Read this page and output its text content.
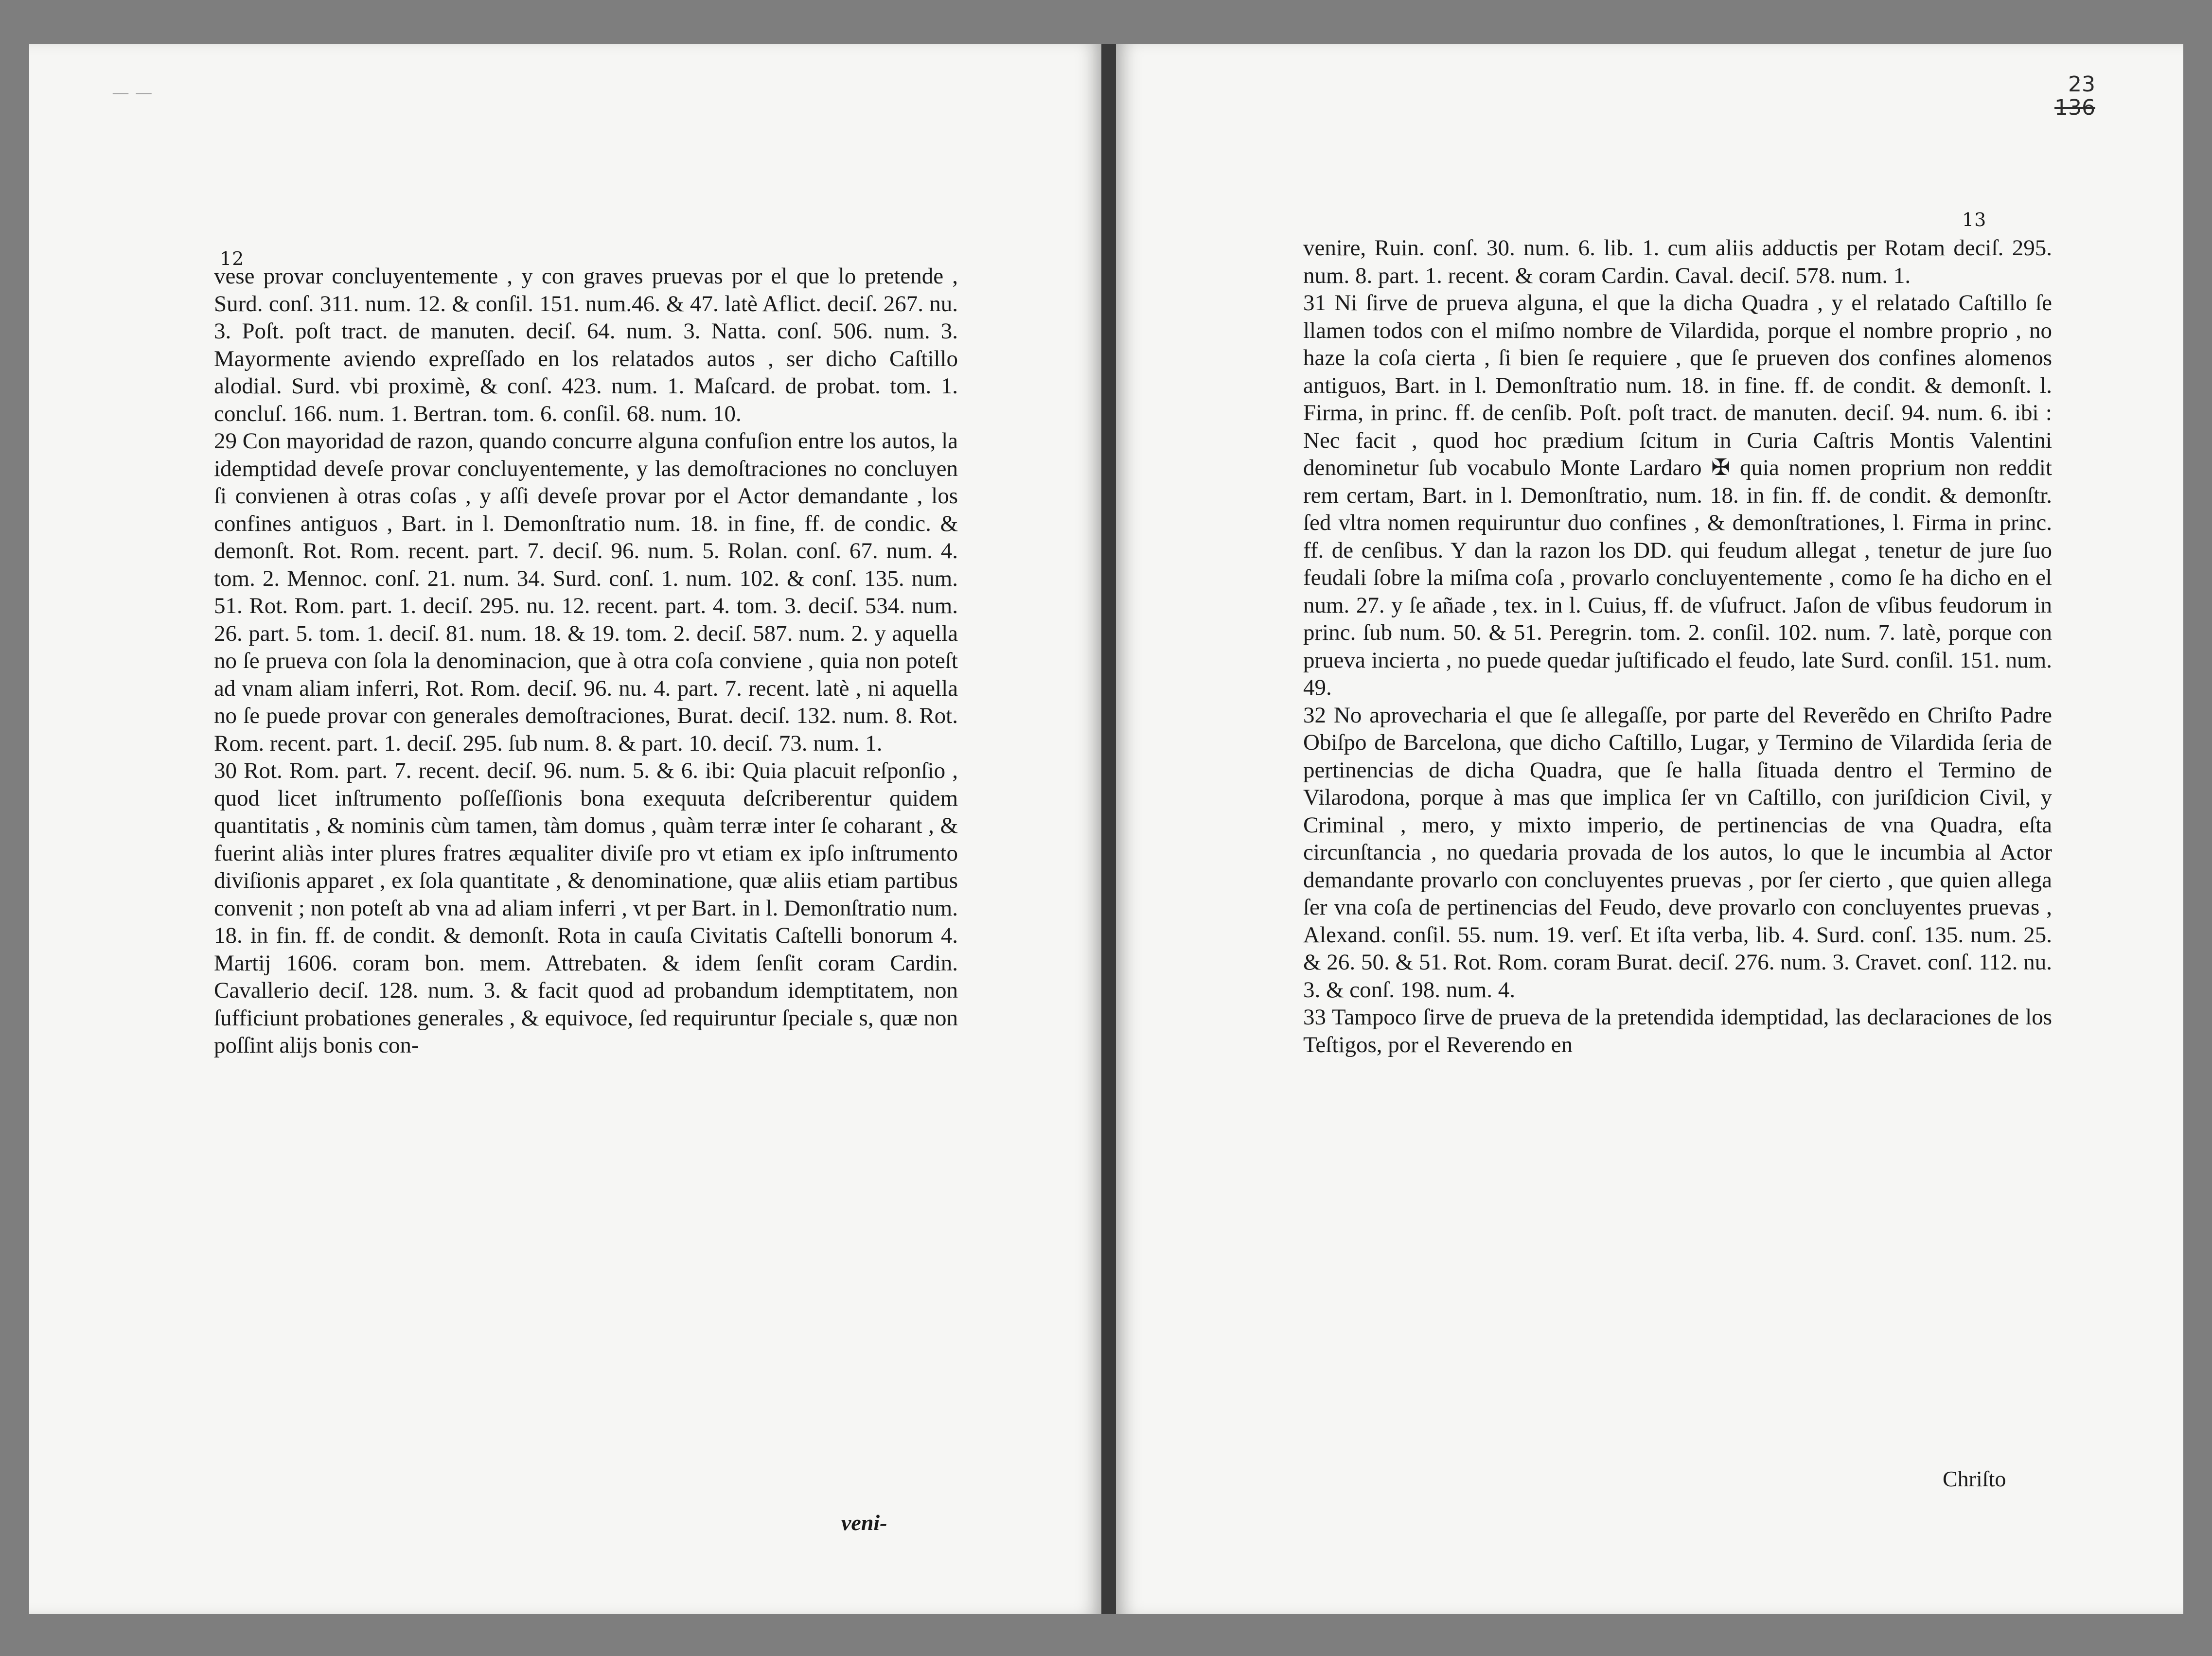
— —
12

vese provar concluyentemente , y con graves pruevas por el que lo pretende , Surd. conſ. 311. num. 12. & conſil. 151. num.46. & 47. latè Aflict. deciſ. 267. nu. 3. Poſt. poſt tract. de manuten. deciſ. 64. num. 3. Natta. conſ. 506. num. 3. Mayormente aviendo expreſſado en los relatados autos , ser dicho Caſtillo alodial. Surd. vbi proximè, & conſ. 423. num. 1. Maſcard. de probat. tom. 1. concluſ. 166. num. 1. Bertran. tom. 6. conſil. 68. num. 10.

29 Con mayoridad de razon, quando concurre alguna confuſion entre los autos, la idemptidad deveſe provar concluyentemente, y las demoſtraciones no concluyen ſi convienen à otras coſas , y aſſi deveſe provar por el Actor demandante , los confines antiguos , Bart. in l. Demonſtratio num. 18. in fine, ff. de condic. & demonſt. Rot. Rom. recent. part. 7. deciſ. 96. num. 5. Rolan. conſ. 67. num. 4. tom. 2. Mennoc. conſ. 21. num. 34. Surd. conſ. 1. num. 102. & conſ. 135. num. 51. Rot. Rom. part. 1. deciſ. 295. nu. 12. recent. part. 4. tom. 3. deciſ. 534. num. 26. part. 5. tom. 1. deciſ. 81. num. 18. & 19. tom. 2. deciſ. 587. num. 2. y aquella no ſe prueva con ſola la denominacion, que à otra coſa conviene , quia non poteſt ad vnam aliam inferri, Rot. Rom. deciſ. 96. nu. 4. part. 7. recent. latè , ni aquella no ſe puede provar con generales demoſtraciones, Burat. deciſ. 132. num. 8. Rot. Rom. recent. part. 1. deciſ. 295. ſub num. 8. & part. 10. deciſ. 73. num. 1.

30 Rot. Rom. part. 7. recent. deciſ. 96. num. 5. & 6. ibi: Quia placuit reſponſio , quod licet inſtrumento poſſeſſionis bona exequuta deſcriberentur quidem quantitatis , & nominis cùm tamen, tàm domus , quàm terræ inter ſe coharant , & fuerint aliàs inter plures fratres æqualiter diviſe pro vt etiam ex ipſo inſtrumento diviſionis apparet , ex ſola quantitate , & denominatione, quæ aliis etiam partibus convenit ; non poteſt ab vna ad aliam inferri , vt per Bart. in l. Demonſtratio num. 18. in fin. ff. de condit. & demonſt. Rota in cauſa Civitatis Caſtelli bonorum 4. Martij 1606. coram bon. mem. Attrebaten. & idem ſenſit coram Cardin. Cavallerio deciſ. 128. num. 3. & facit quod ad probandum idemptitatem, non ſufficiunt probationes generales , & equivoce, ſed requiruntur ſpeciale s, quæ non poſſint alijs bonis con-

veni-
23
136
13

venire, Ruin. conſ. 30. num. 6. lib. 1. cum aliis adductis per Rotam deciſ. 295. num. 8. part. 1. recent. & coram Cardin. Caval. deciſ. 578. num. 1.

31 Ni ſirve de prueva alguna, el que la dicha Quadra , y el relatado Caſtillo ſe llamen todos con el miſmo nombre de Vilardida, porque el nombre proprio , no haze la coſa cierta , ſi bien ſe requiere , que ſe prueven dos confines alomenos antiguos, Bart. in l. Demonſtratio num. 18. in fine. ff. de condit. & demonſt. l. Firma, in princ. ff. de cenſib. Poſt. poſt tract. de manuten. deciſ. 94. num. 6. ibi : Nec facit , quod hoc prædium ſcitum in Curia Caſtris Montis Valentini denominetur ſub vocabulo Monte Lardaro ✠ quia nomen proprium non reddit rem certam, Bart. in l. Demonſtratio, num. 18. in fin. ff. de condit. & demonſtr. ſed vltra nomen requiruntur duo confines , & demonſtrationes, l. Firma in princ. ff. de cenſibus. Y dan la razon los DD. qui feudum allegat , tenetur de jure ſuo feudali ſobre la miſma coſa , provarlo concluyentemente , como ſe ha dicho en el num. 27. y ſe añade , tex. in l. Cuius, ff. de vſufruct. Jaſon de vſibus feudorum in princ. ſub num. 50. & 51. Peregrin. tom. 2. conſil. 102. num. 7. latè, porque con prueva incierta , no puede quedar juſtificado el feudo, late Surd. conſil. 151. num. 49.

32 No aprovecharia el que ſe allegaſſe, por parte del Reverẽdo en Chriſto Padre Obiſpo de Barcelona, que dicho Caſtillo, Lugar, y Termino de Vilardida ſeria de pertinencias de dicha Quadra, que ſe halla ſituada dentro el Termino de Vilarodona, porque à mas que implica ſer vn Caſtillo, con juriſdicion Civil, y Criminal , mero, y mixto imperio, de pertinencias de vna Quadra, eſta circunſtancia , no quedaria provada de los autos, lo que le incumbia al Actor demandante provarlo con concluyentes pruevas , por ſer cierto , que quien allega ſer vna coſa de pertinencias del Feudo, deve provarlo con concluyentes pruevas , Alexand. conſil. 55. num. 19. verſ. Et iſta verba, lib. 4. Surd. conſ. 135. num. 25. & 26. 50. & 51. Rot. Rom. coram Burat. deciſ. 276. num. 3. Cravet. conſ. 112. nu. 3. & conſ. 198. num. 4.

33 Tampoco ſirve de prueva de la pretendida idemptidad, las declaraciones de los Teſtigos, por el Reverendo en

Chriſto
